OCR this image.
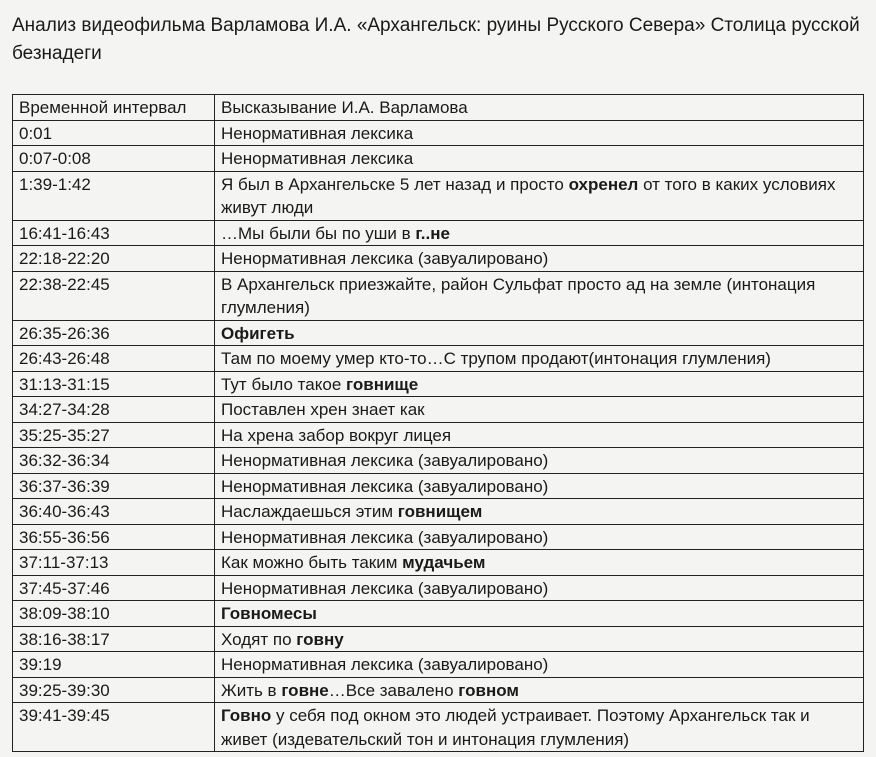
Анализ видеофильма Варламова И.А. «Архангельск: руины Русского Севера» Столица русской безнадеги
Временной интервал	Высказывание И.А. Варламова
0:01	Ненормативная лексика
0:07-0:08	Ненормативная лексика
1:39-1:42	Я был в Архангельске 5 лет назад и просто охренел от того в каких условиях живут люди
16:41-16:43	…Мы были бы по уши в г..не
22:18-22:20	Ненормативная лексика (завуалировано)
22:38-22:45	В Архангельск приезжайте, район Сульфат просто ад на земле (интонация глумления)
26:35-26:36	Офигеть
26:43-26:48	Там по моему умер кто-то…С трупом продают(интонация глумления)
31:13-31:15	Тут было такое говнище
34:27-34:28	Поставлен хрен знает как
35:25-35:27	На хрена забор вокруг лицея
36:32-36:34	Ненормативная лексика (завуалировано)
36:37-36:39	Ненормативная лексика (завуалировано)
36:40-36:43	Наслаждаешься этим говнищем
36:55-36:56	Ненормативная лексика (завуалировано)
37:11-37:13	Как можно быть таким мудачьем
37:45-37:46	Ненормативная лексика (завуалировано)
38:09-38:10	Говномесы
38:16-38:17	Ходят по говну
39:19	Ненормативная лексика (завуалировано)
39:25-39:30	Жить в говне…Все завалено говном
39:41-39:45	Говно у себя под окном это людей устраивает. Поэтому Архангельск так и живет (издевательский тон и интонация глумления)
